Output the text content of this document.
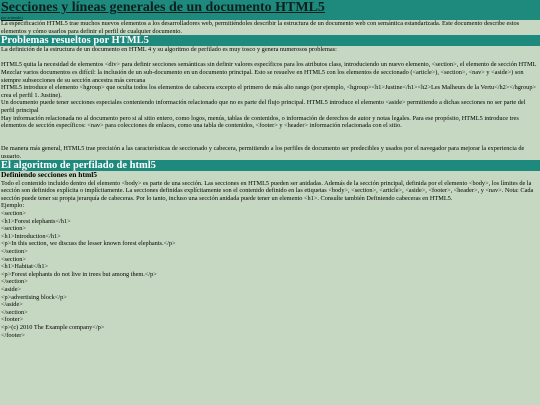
Secciones y líneas generales de un documento HTML5
por acimada i

La especificación HTML5 trae muchos nuevos elementos a los desarrolladores web, permitiéndoles describir la estructura de un documento web con semántica estandarizada. Este documento describe estos elementos y cómo usarlos para definir el perfil de cualquier documento.

Problemas resueltos por HTML5

La definición de la estructura de un documento en HTML 4 y su algoritmo de perfilado es muy tosco y genera numerosos problemas:

HTML5 quita la necesidad de elementos <div> para definir secciones semánticas sin definir valores específicos para los atributos class, introduciendo un nuevo elemento, <section>, el elemento de sección HTML

Mezclar varios documentos es difícil: la inclusión de un sub-documento en un documento principal. Esto se resuelve en HTML5 con los elementos de seccionado (<article>), <section>, <nav> y <aside>) son siempre subsecciones de su sección ancestra más cercana

HTML5 introduce el elemento <hgroup> que oculta todos los elementos de cabecera excepto el primero de más alto rango (por ejemplo, <hgroup><h1>Justine</h1><h2>Les Malheurs de la Vertu</h2></hgroup> crea el perfil 1. Justine).

Un documento puede tener secciones especiales conteniendo información relacionado que no es parte del flujo principal. HTML5 introduce el elemento <aside> permitiendo a dichas secciones no ser parte del perfil principal

Hay información relacionada no al documento pero si al sitio entero, como logos, menús, tablas de contenidos, o información de derechos de autor y notas legales. Para ese propósito, HTML5 introduce tres elementos de sección específicos: <nav> para colecciones de enlaces, como una tabla de contenidos, <footer> y <header> información relacionada con el sitio.

De manera más general, HTML5 trae precisión a las características de seccionado y cabecera, permitiendo a los perfiles de documento ser predecibles y usados por el navegador para mejorar la experiencia de usuario.

El algoritmo de perfilado de html5
Definiendo secciones en html5

Todo el contenido incluido dentro del elemento <body> es parte de una sección. Las secciones en HTML5 pueden ser anidadas. Además de la sección principal, definida por el elemento <body>, los límites de la sección son definidos explícita o implícitamente. La secciones definidas explícitamente son el contenido definido en las etiquetas <body>, <section>, <article>, <aside>, <footer>, <header>, y <nav>. Nota: Cada sección puede tener su propia jerarquía de cabeceras. Por lo tanto, incluso una sección anidada puede tener un elemento <h1>. Consulte también Definiendo cabeceras en HTML5.

Ejemplo:

<section>
<h1>Forest elephants</h1>
<section>
<h1>Introduction</h1>
<p>In this section, we discuss the lesser known forest elephants.</p>
</section>
<section>
<h1>Habitat</h1>
<p>Forest elephants do not live in trees but among them.</p>
</section>
<aside>
<p>advertising block</p>
</aside>
</section>
<footer>
<p>(c) 2010 The Example company</p>
</footer>
